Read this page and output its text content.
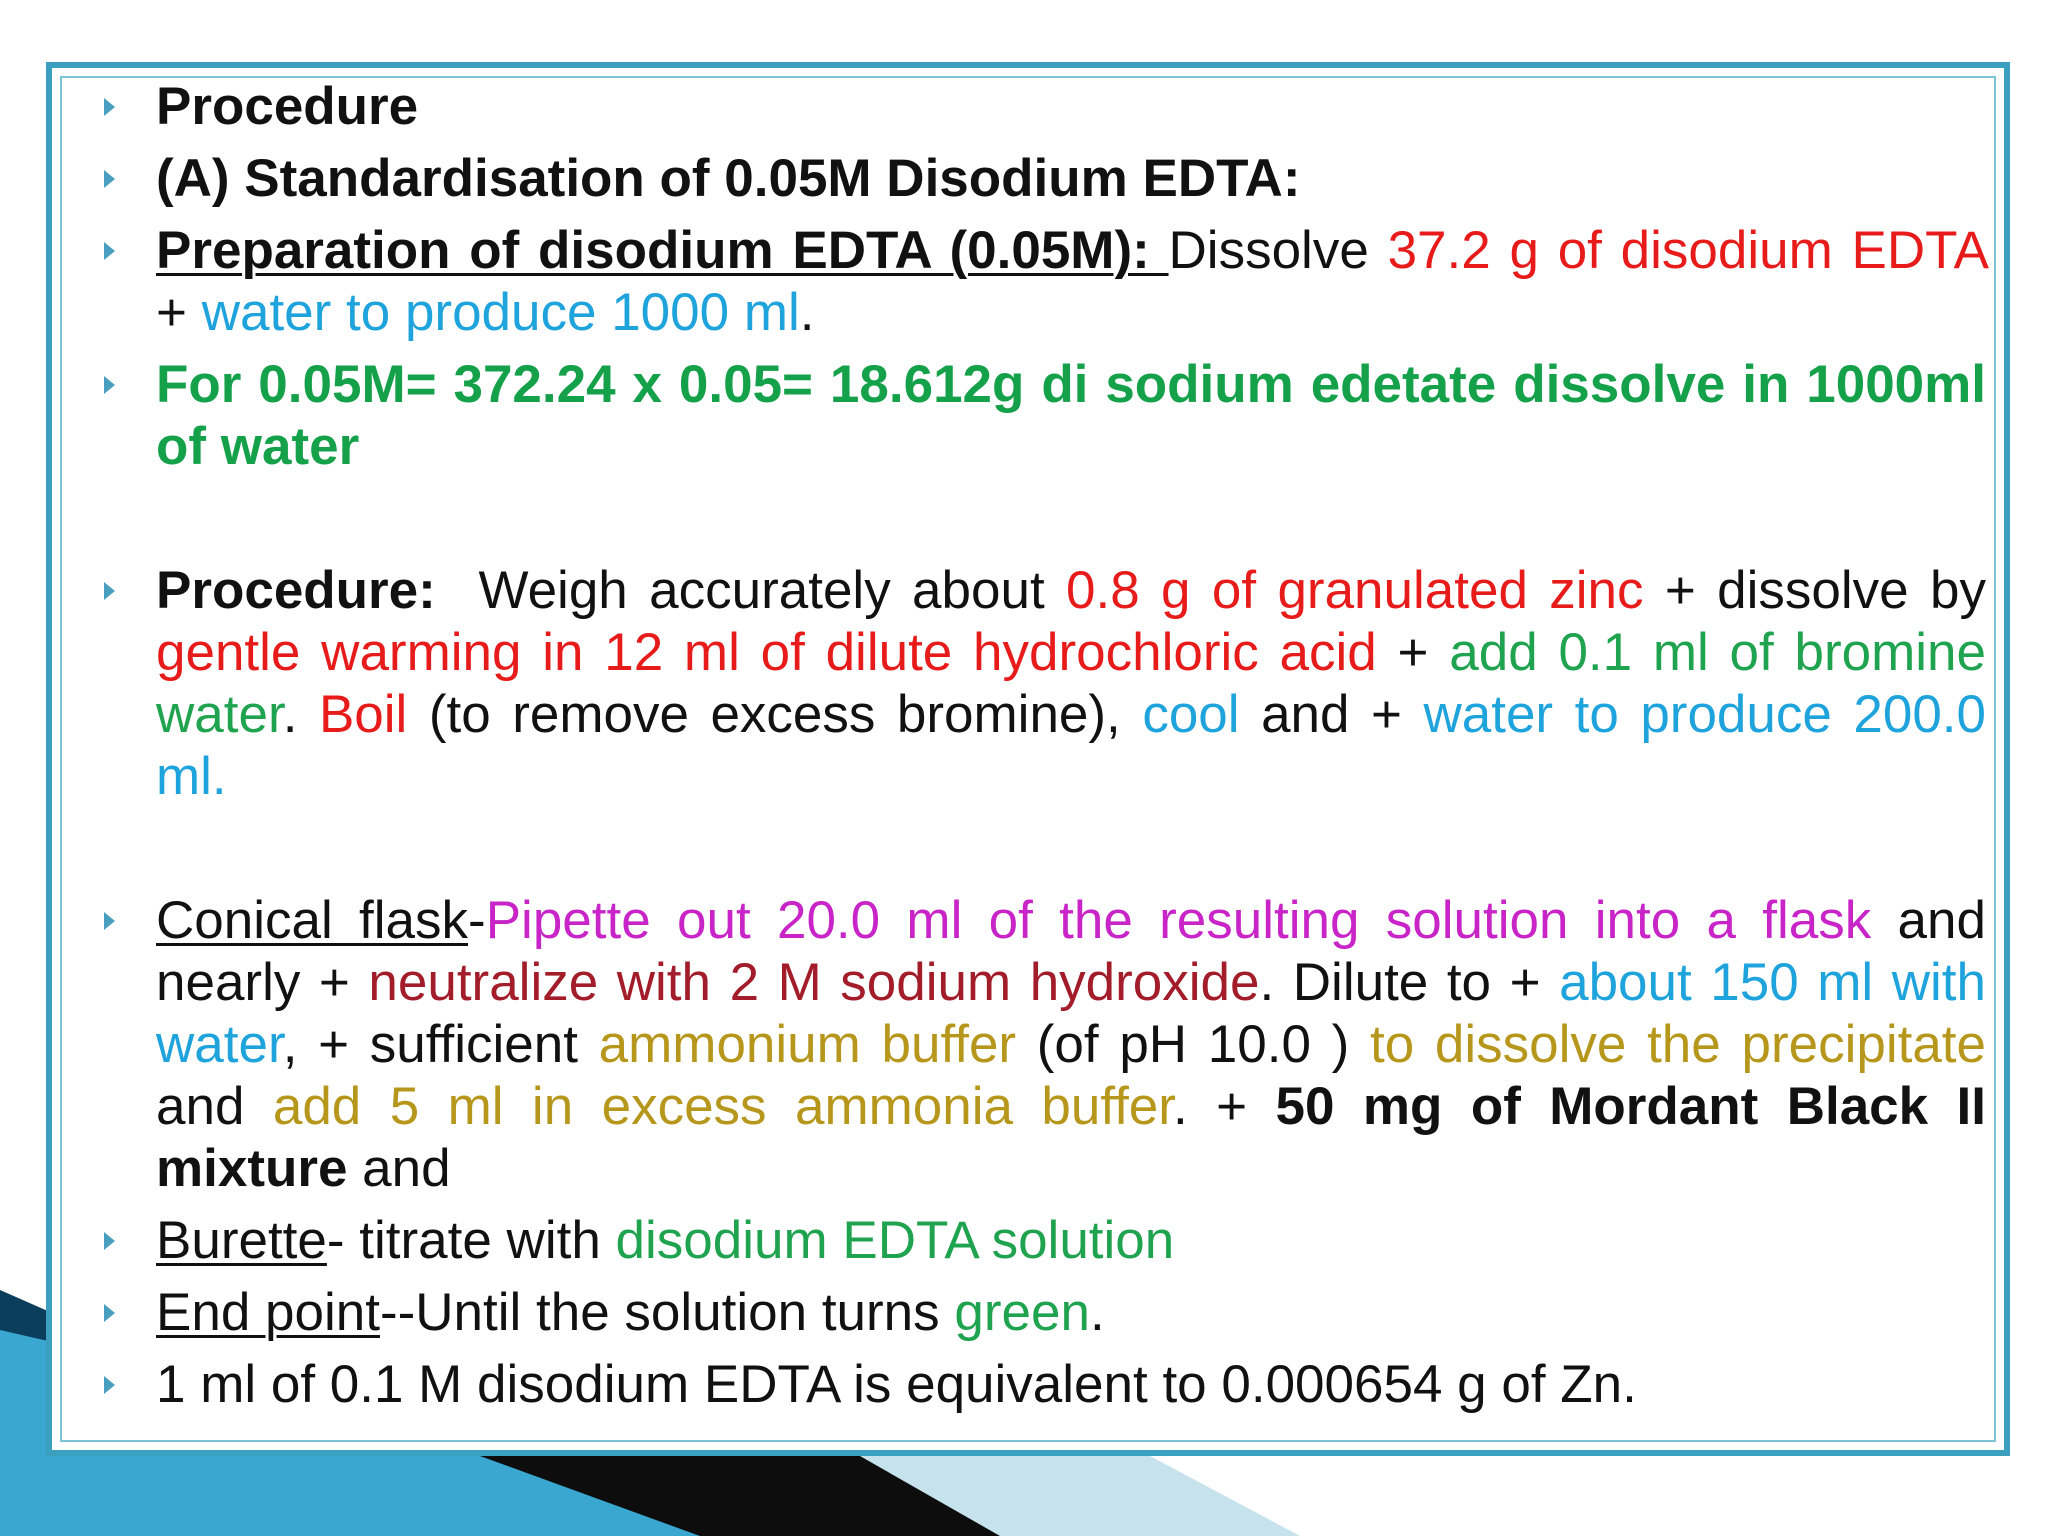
Procedure
(A) Standardisation of 0.05M Disodium EDTA:
Preparation of disodium EDTA (0.05M): Dissolve 37.2 g of disodium EDTA + water to produce 1000 ml.
For 0.05M= 372.24 x 0.05= 18.612g di sodium edetate dissolve in 1000ml of water
Procedure:  Weigh accurately about 0.8 g of granulated zinc + dissolve by gentle warming in 12 ml of dilute hydrochloric acid + add 0.1 ml of bromine water. Boil (to remove excess bromine), cool and + water to produce 200.0 ml.
Conical flask-Pipette out 20.0 ml of the resulting solution into a flask and nearly + neutralize with 2 M sodium hydroxide. Dilute to + about 150 ml with water, + sufficient ammonium buffer (of pH 10.0 ) to dissolve the precipitate and add 5 ml in excess ammonia buffer. + 50 mg of Mordant Black II mixture and
Burette- titrate with disodium EDTA solution
End point--Until the solution turns green.
1 ml of 0.1 M disodium EDTA is equivalent to 0.000654 g of Zn.
